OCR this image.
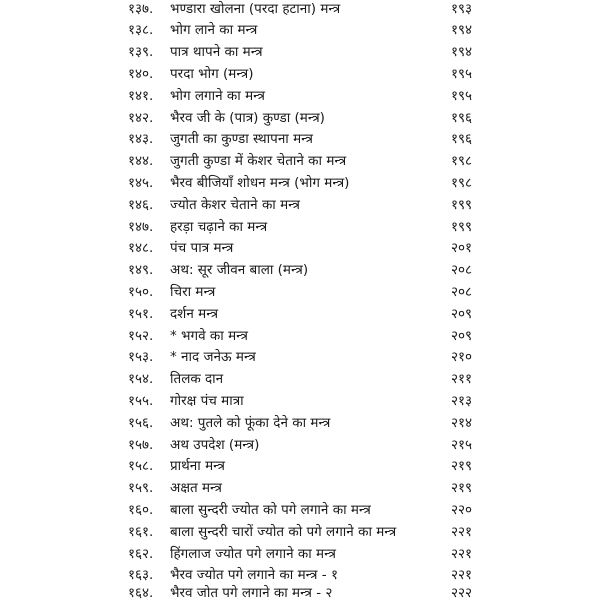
१३७.	भण्डारा खोलना (परदा हटाना) मन्त्र	१९३
१३८.	भोग लाने का मन्त्र	१९४
१३९.	पात्र थापने का मन्त्र	१९४
१४०.	परदा भोग (मन्त्र)	१९५
१४१.	भोग लगाने का मन्त्र	१९५
१४२.	भैरव जी के (पात्र) कुण्डा (मन्त्र)	१९६
१४३.	जुगती का कुण्डा स्थापना मन्त्र	१९६
१४४.	जुगती कुण्डा में केशर चेताने का मन्त्र	१९८
१४५.	भैरव बीजियाँ शोधन मन्त्र (भोग मन्त्र)	१९८
१४६.	ज्योत केशर चेताने का मन्त्र	१९९
१४७.	हरड़ा चढ़ाने का मन्त्र	१९९
१४८.	पंच पात्र मन्त्र	२०१
१४९.	अथ: सूर जीवन बाला (मन्त्र)	२०८
१५०.	चिरा मन्त्र	२०८
१५१.	दर्शन मन्त्र	२०९
१५२.	* भगवे का मन्त्र	२०९
१५३.	* नाद जनेऊ मन्त्र	२१०
१५४.	तिलक दान	२११
१५५.	गोरक्ष पंच मात्रा	२१३
१५६.	अथ: पुतले को फूंका देने का मन्त्र	२१४
१५७.	अथ उपदेश (मन्त्र)	२१५
१५८.	प्रार्थना मन्त्र	२१९
१५९.	अक्षत मन्त्र	२१९
१६०.	बाला सुन्दरी ज्योत को पगे लगाने का मन्त्र	२२०
१६१.	बाला सुन्दरी चारों ज्योत को पगे लगाने का मन्त्र	२२१
१६२.	हिंगलाज ज्योत पगे लगाने का मन्त्र	२२१
१६३.	भैरव ज्योत पगे लगाने का मन्त्र - १	२२१
१६४.	भैरव जोत पगे लगाने का मन्त्र - २	२२२
